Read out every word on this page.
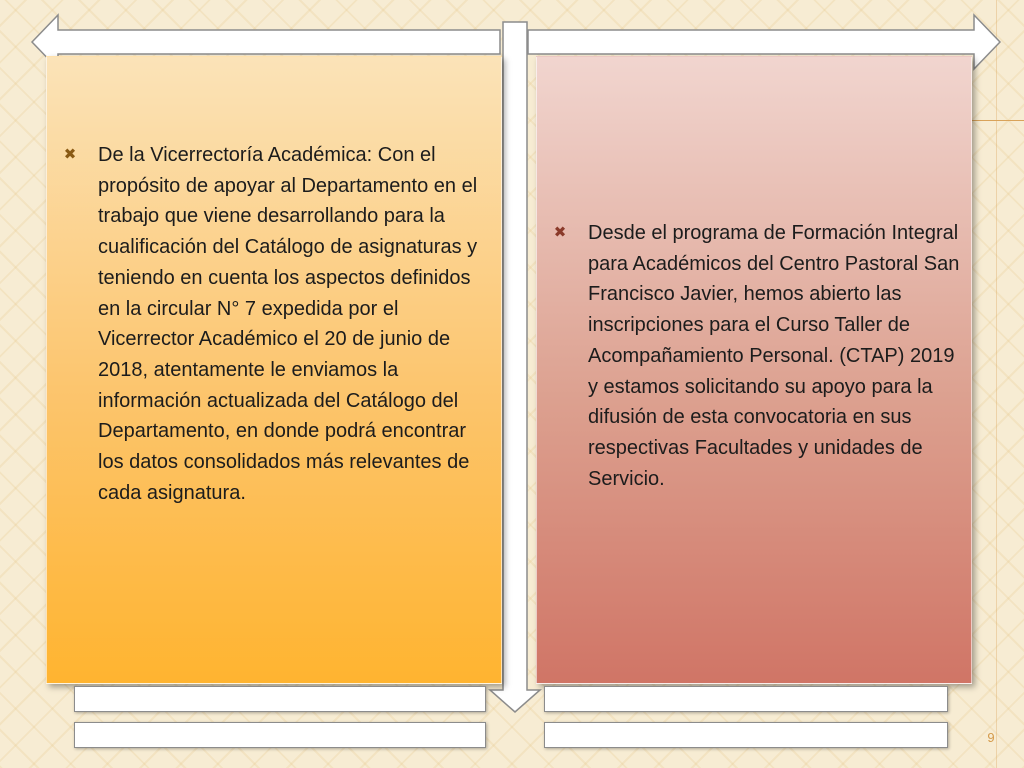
✖ De la Vicerrectoría Académica: Con el propósito de apoyar al Departamento en el trabajo que viene desarrollando para la cualificación del Catálogo de asignaturas y teniendo en cuenta los aspectos definidos en la circular N° 7 expedida por el Vicerrector Académico el 20 de junio de 2018, atentamente le enviamos la información actualizada del Catálogo del Departamento, en donde podrá encontrar los datos consolidados más relevantes de cada asignatura.
✖ Desde el programa de Formación Integral para Académicos del Centro Pastoral San Francisco Javier, hemos abierto las inscripciones para el Curso Taller de Acompañamiento Personal. (CTAP) 2019 y estamos solicitando su apoyo para la difusión de esta convocatoria en sus respectivas Facultades y unidades de Servicio.
9
